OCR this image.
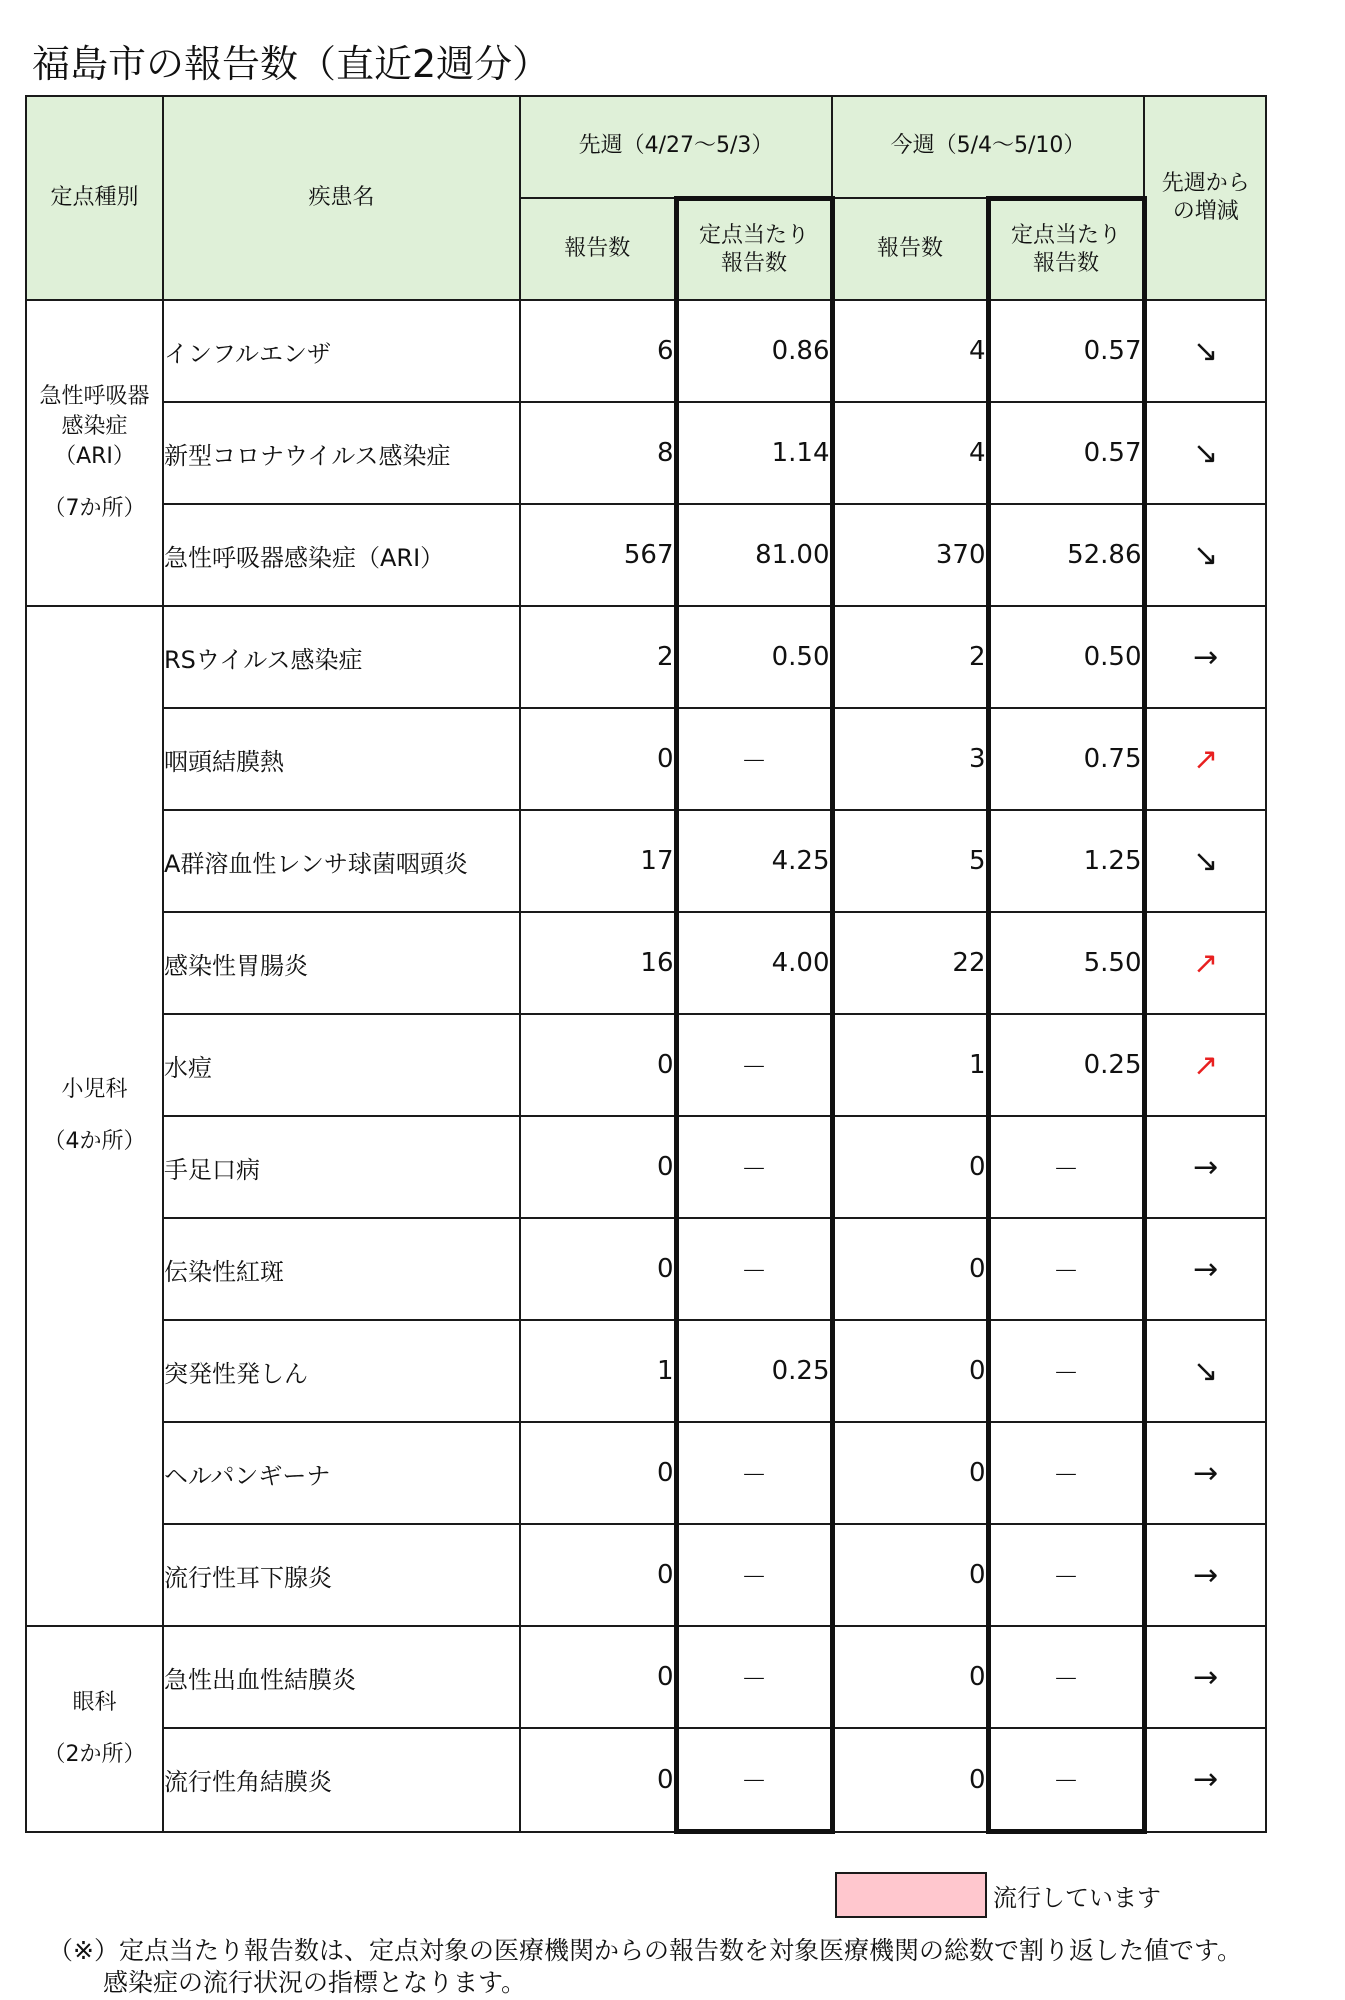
福島市の報告数（直近2週分）
定点種別	疾患名	先週（4/27～5/3）		今週（5/4～5/10）		先週からの増減
		報告数	定点当たり報告数	報告数	定点当たり報告数	

急性呼吸器感染症（ARI）
（7か所）	インフルエンザ	6	0.86	4	0.57	↘
	新型コロナウイルス感染症	8	1.14	4	0.57	↘
	急性呼吸器感染症（ARI）	567	81.00	370	52.86	↘

小児科
（4か所）	RSウイルス感染症	2	0.50	2	0.50	→
	咽頭結膜熱	0	－	3	0.75	↗
	A群溶血性レンサ球菌咽頭炎	17	4.25	5	1.25	↘
	感染性胃腸炎	16	4.00	22	5.50	↗
	水痘	0	－	1	0.25	↗
	手足口病	0	－	0	－	→
	伝染性紅斑	0	－	0	－	→
	突発性発しん	1	0.25	0	－	↘
	ヘルパンギーナ	0	－	0	－	→
	流行性耳下腺炎	0	－	0	－	→

眼科
（2か所）	急性出血性結膜炎	0	－	0	－	→
	流行性角結膜炎	0	－	0	－	→
流行しています
（※）定点当たり報告数は、定点対象の医療機関からの報告数を対象医療機関の総数で割り返した値です。
感染症の流行状況の指標となります。
